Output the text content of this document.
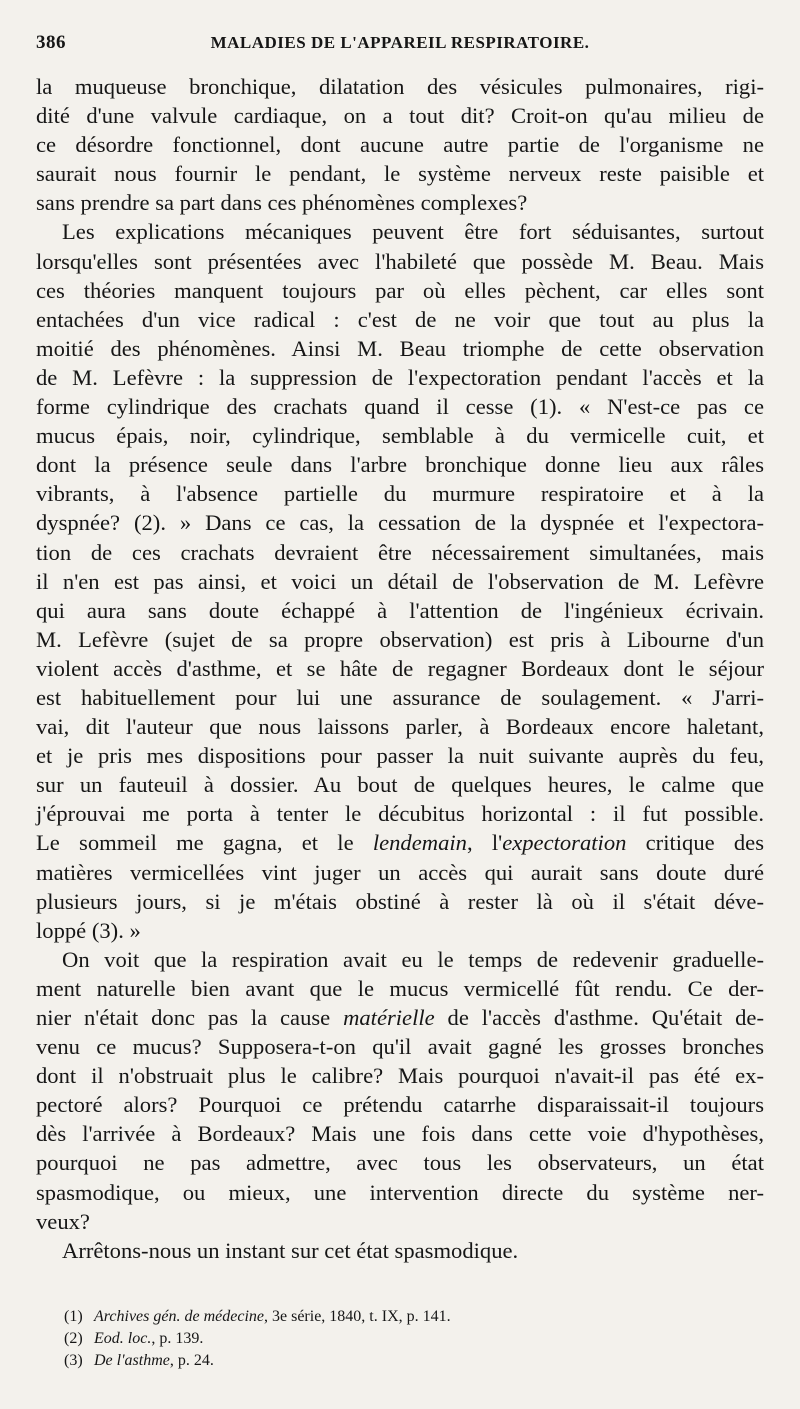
386	MALADIES DE L'APPAREIL RESPIRATOIRE.
la muqueuse bronchique, dilatation des vésicules pulmonaires, rigi-
dité d'une valvule cardiaque, on a tout dit? Croit-on qu'au milieu de
ce désordre fonctionnel, dont aucune autre partie de l'organisme ne
saurait nous fournir le pendant, le système nerveux reste paisible et
sans prendre sa part dans ces phénomènes complexes?
Les explications mécaniques peuvent être fort séduisantes, surtout
lorsqu'elles sont présentées avec l'habileté que possède M. Beau. Mais
ces théories manquent toujours par où elles pèchent, car elles sont
entachées d'un vice radical : c'est de ne voir que tout au plus la
moitié des phénomènes. Ainsi M. Beau triomphe de cette observation
de M. Lefèvre : la suppression de l'expectoration pendant l'accès et la
forme cylindrique des crachats quand il cesse (1). « N'est-ce pas ce
mucus épais, noir, cylindrique, semblable à du vermicelle cuit, et
dont la présence seule dans l'arbre bronchique donne lieu aux râles
vibrants, à l'absence partielle du murmure respiratoire et à la
dyspnée? (2). » Dans ce cas, la cessation de la dyspnée et l'expectora-
tion de ces crachats devraient être nécessairement simultanées, mais
il n'en est pas ainsi, et voici un détail de l'observation de M. Lefèvre
qui aura sans doute échappé à l'attention de l'ingénieux écrivain.
M. Lefèvre (sujet de sa propre observation) est pris à Libourne d'un
violent accès d'asthme, et se hâte de regagner Bordeaux dont le séjour
est habituellement pour lui une assurance de soulagement. « J'arri-
vai, dit l'auteur que nous laissons parler, à Bordeaux encore haletant,
et je pris mes dispositions pour passer la nuit suivante auprès du feu,
sur un fauteuil à dossier. Au bout de quelques heures, le calme que
j'éprouvai me porta à tenter le décubitus horizontal : il fut possible.
Le sommeil me gagna, et le lendemain, l'expectoration critique des
matières vermicellées vint juger un accès qui aurait sans doute duré
plusieurs jours, si je m'étais obstiné à rester là où il s'était déve-
loppé (3). »
On voit que la respiration avait eu le temps de redevenir graduelle-
ment naturelle bien avant que le mucus vermicellé fût rendu. Ce der-
nier n'était donc pas la cause matérielle de l'accès d'asthme. Qu'était de-
venu ce mucus? Supposera-t-on qu'il avait gagné les grosses bronches
dont il n'obstruait plus le calibre? Mais pourquoi n'avait-il pas été ex-
pectoré alors? Pourquoi ce prétendu catarrhe disparaissait-il toujours
dès l'arrivée à Bordeaux? Mais une fois dans cette voie d'hypothèses,
pourquoi ne pas admettre, avec tous les observateurs, un état
spasmodique, ou mieux, une intervention directe du système ner-
veux?
Arrêtons-nous un instant sur cet état spasmodique.
(1) Archives gén. de médecine, 3e série, 1840, t. IX, p. 141.
(2) Eod. loc., p. 139.
(3) De l'asthme, p. 24.
